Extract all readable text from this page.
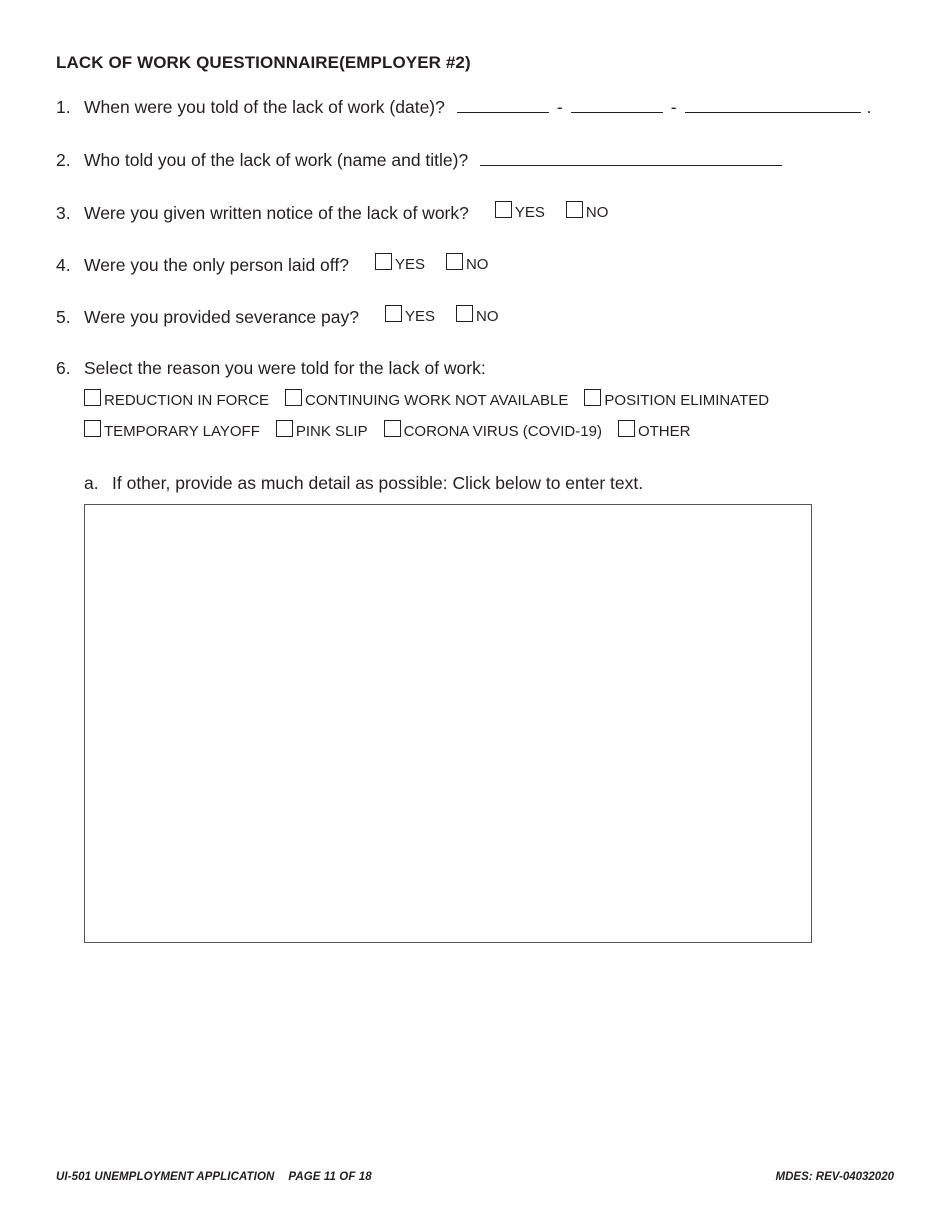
LACK OF WORK QUESTIONNAIRE(EMPLOYER #2)
1. When were you told of the lack of work (date)?	-	-	.
2. Who told you of the lack of work (name and title)?
3. Were you given written notice of the lack of work?	YES	NO
4. Were you the only person laid off?	YES	NO
5. Were you provided severance pay?	YES	NO
6. Select the reason you were told for the lack of work:
REDUCTION IN FORCE CONTINUING WORK NOT AVAILABLE POSITION ELIMINATED
TEMPORARY LAYOFF PINK SLIP CORONA VIRUS (COVID-19) OTHER
a. If other, provide as much detail as possible: Click below to enter text.
UI-501 UNEMPLOYMENT APPLICATION PAGE 11 OF 18	MDES: REV-04032020
